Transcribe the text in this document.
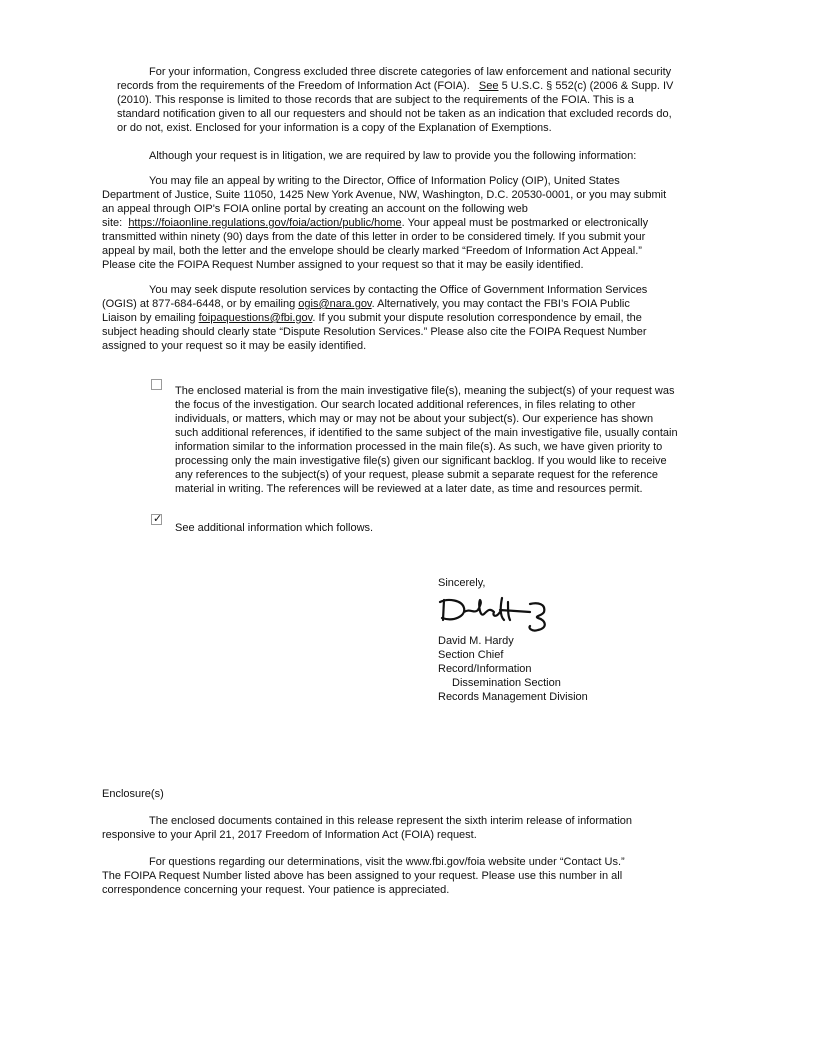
For your information, Congress excluded three discrete categories of law enforcement and national security

records from the requirements of the Freedom of Information Act (FOIA). See 5 U.S.C. § 552(c) (2006 & Supp. IV

(2010). This response is limited to those records that are subject to the requirements of the FOIA. This is a

standard notification given to all our requesters and should not be taken as an indication that excluded records do,

or do not, exist. Enclosed for your information is a copy of the Explanation of Exemptions.

Although your request is in litigation, we are required by law to provide you the following information:

You may file an appeal by writing to the Director, Office of Information Policy (OIP), United States

Department of Justice, Suite 11050, 1425 New York Avenue, NW, Washington, D.C. 20530-0001, or you may submit

an appeal through OIP's FOIA online portal by creating an account on the following web

site: https://foiaonline.regulations.gov/foia/action/public/home. Your appeal must be postmarked or electronically

transmitted within ninety (90) days from the date of this letter in order to be considered timely. If you submit your

appeal by mail, both the letter and the envelope should be clearly marked “Freedom of Information Act Appeal.”

Please cite the FOIPA Request Number assigned to your request so that it may be easily identified.

You may seek dispute resolution services by contacting the Office of Government Information Services

(OGIS) at 877-684-6448, or by emailing ogis@nara.gov. Alternatively, you may contact the FBI’s FOIA Public

Liaison by emailing foipaquestions@fbi.gov. If you submit your dispute resolution correspondence by email, the

subject heading should clearly state “Dispute Resolution Services.” Please also cite the FOIPA Request Number

assigned to your request so it may be easily identified.

The enclosed material is from the main investigative file(s), meaning the subject(s) of your request was

the focus of the investigation. Our search located additional references, in files relating to other

individuals, or matters, which may or may not be about your subject(s). Our experience has shown

such additional references, if identified to the same subject of the main investigative file, usually contain

information similar to the information processed in the main file(s). As such, we have given priority to

processing only the main investigative file(s) given our significant backlog. If you would like to receive

any references to the subject(s) of your request, please submit a separate request for the reference

material in writing. The references will be reviewed at a later date, as time and resources permit.

✓

See additional information which follows.

Sincerely,

David M. Hardy

Section Chief

Record/Information

Dissemination Section

Records Management Division

Enclosure(s)

The enclosed documents contained in this release represent the sixth interim release of information

responsive to your April 21, 2017 Freedom of Information Act (FOIA) request.

For questions regarding our determinations, visit the www.fbi.gov/foia website under “Contact Us.”

The FOIPA Request Number listed above has been assigned to your request. Please use this number in all

correspondence concerning your request. Your patience is appreciated.
